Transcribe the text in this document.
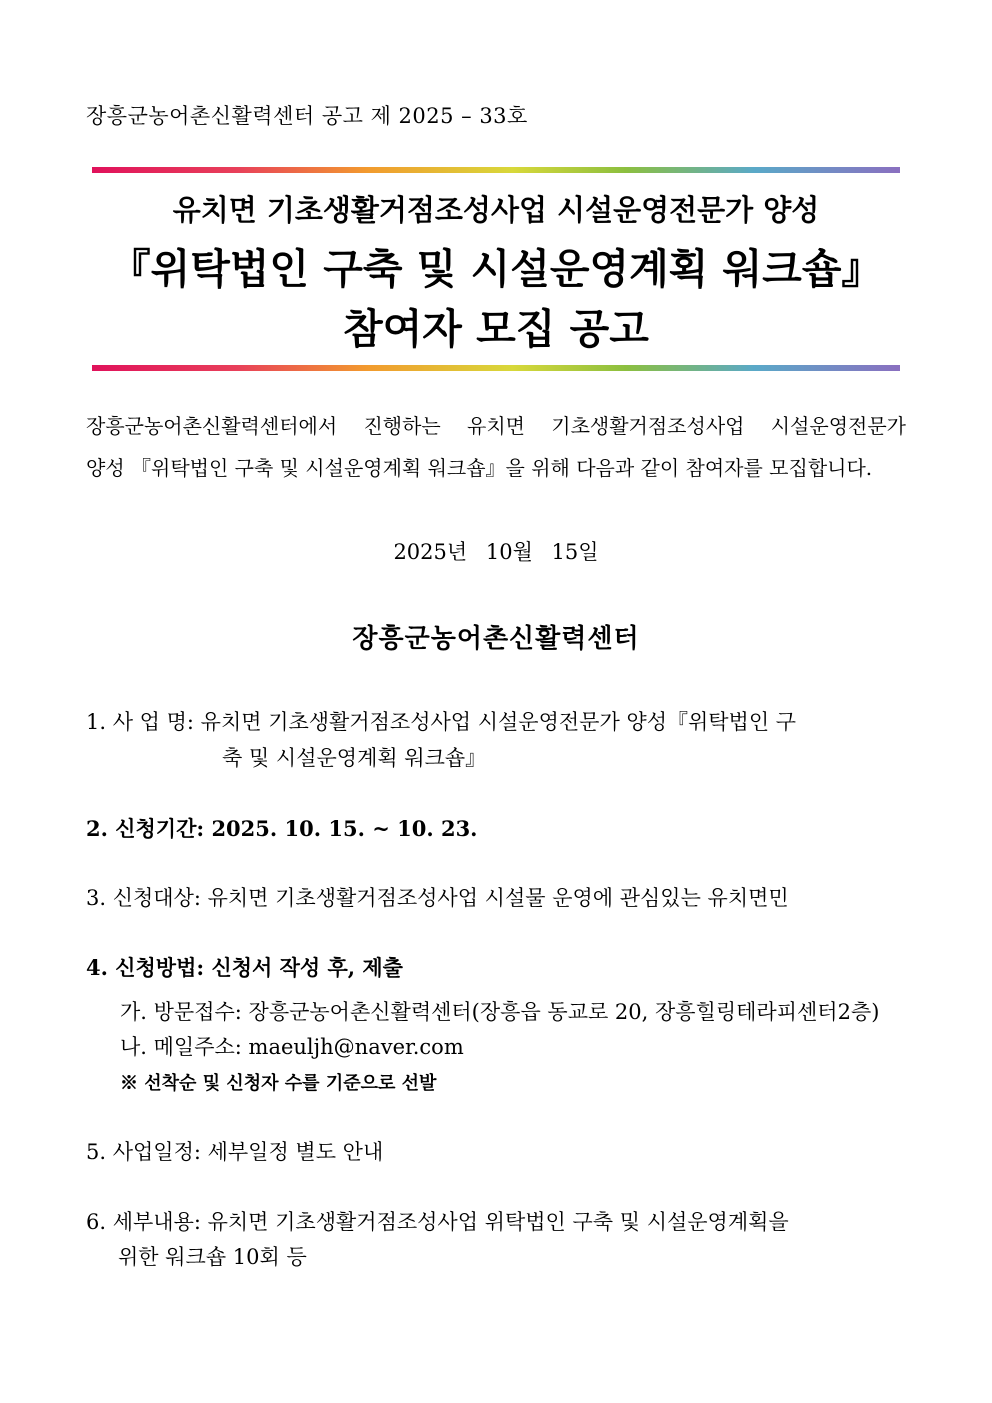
장흥군농어촌신활력센터 공고 제 2025 – 33호
유치면 기초생활거점조성사업 시설운영전문가 양성
『위탁법인 구축 및 시설운영계획 워크숍』
참여자 모집 공고
장흥군농어촌신활력센터에서 진행하는 유치면 기초생활거점조성사업 시설운영전문가
양성 『위탁법인 구축 및 시설운영계획 워크숍』을 위해 다음과 같이 참여자를 모집합니다.
2025년 10월 15일
장흥군농어촌신활력센터
1. 사 업 명: 유치면 기초생활거점조성사업 시설운영전문가 양성『위탁법인 구
축 및 시설운영계획 워크숍』
2. 신청기간: 2025. 10. 15. ~ 10. 23.
3. 신청대상: 유치면 기초생활거점조성사업 시설물 운영에 관심있는 유치면민
4. 신청방법: 신청서 작성 후, 제출
가. 방문접수: 장흥군농어촌신활력센터(장흥읍 동교로 20, 장흥힐링테라피센터2층)
나. 메일주소: maeuljh@naver.com
※ 선착순 및 신청자 수를 기준으로 선발
5. 사업일정: 세부일정 별도 안내
6. 세부내용: 유치면 기초생활거점조성사업 위탁법인 구축 및 시설운영계획을
위한 워크숍 10회 등
